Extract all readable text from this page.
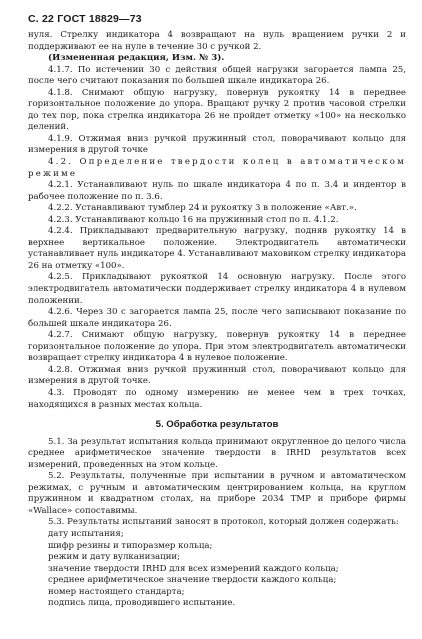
С. 22 ГОСТ 18829—73

нуля. Стрелку индикатора 4 возвращают на нуль вращением ручки 2 и поддерживают ее на нуле в течение 30 с ручкой 2.

(Измененная редакция, Изм. № 3).

4.1.7. По истечении 30 с действия общей нагрузки загорается лампа 25, после чего считают показания по большей шкале индикатора 26.

4.1.8. Снимают общую нагрузку, повернув рукоятку 14 в переднее горизонтальное положение до упора. Вращают ручку 2 против часовой стрелки до тех пор, пока стрелка индикатора 26 не пройдет отметку «100» на несколько делений.

4.1.9. Отжимая вниз ручкой пружинный стол, поворачивают кольцо для измерения в другой точке

4.2. Определение твердости колец в автоматическом режиме

4.2.1. Устанавливают нуль по шкале индикатора 4 по п. 3.4 и индентор в рабочее положение по п. 3.6.

4.2.2. Устанавливают тумблер 24 и рукоятку 3 в положение «Авт.».

4.2.3. Устанавливают кольцо 16 на пружинный стол по п. 4.1.2.

4.2.4. Прикладывают предварительную нагрузку, подняв рукоятку 14 в верхнее вертикальное положение. Электродвигатель автоматически устанавливает нуль индикаторе 4. Устанавливают маховиком стрелку индикатора 26 на отметку «100».

4.2.5. Прикладывают рукояткой 14 основную нагрузку. После этого электродвигатель автоматически поддерживает стрелку индикатора 4 в нулевом положении.

4.2.6. Через 30 с загорается лампа 25, после чего записывают показание по большей шкале индикатора 26.

4.2.7. Снимают общую нагрузку, повернув рукоятку 14 в переднее горизонтальное положение до упора. При этом электродвигатель автоматически возвращает стрелку индикатора 4 в нулевое положение.

4.2.8. Отжимая вниз ручкой пружинный стол, поворачивают кольцо для измерения в другой точке.

4.3. Проводят по одному измерению не менее чем в трех точках, находящихся в разных местах кольца.

5. Обработка результатов

5.1. За результат испытания кольца принимают округленное до целого числа среднее арифметическое значение твердости в IRHD результатов всех измерений, проведенных на этом кольце.

5.2. Результаты, полученные при испытании в ручном и автоматическом режимах, с ручным и автоматическим центрированием кольца, на круглом пружинном и квадратном столах, на приборе 2034 ТМР и приборе фирмы «Wallace» сопоставимы.

5.3. Результаты испытаний заносят в протокол, который должен содержать:

дату испытания;

шифр резины и типоразмер кольца;

режим и дату вулканизации;

значение твердости IRHD для всех измерений каждого кольца;

среднее арифметическое значение твердости каждого кольца;

номер настоящего стандарта;

подпись лица, проводившего испытание.
